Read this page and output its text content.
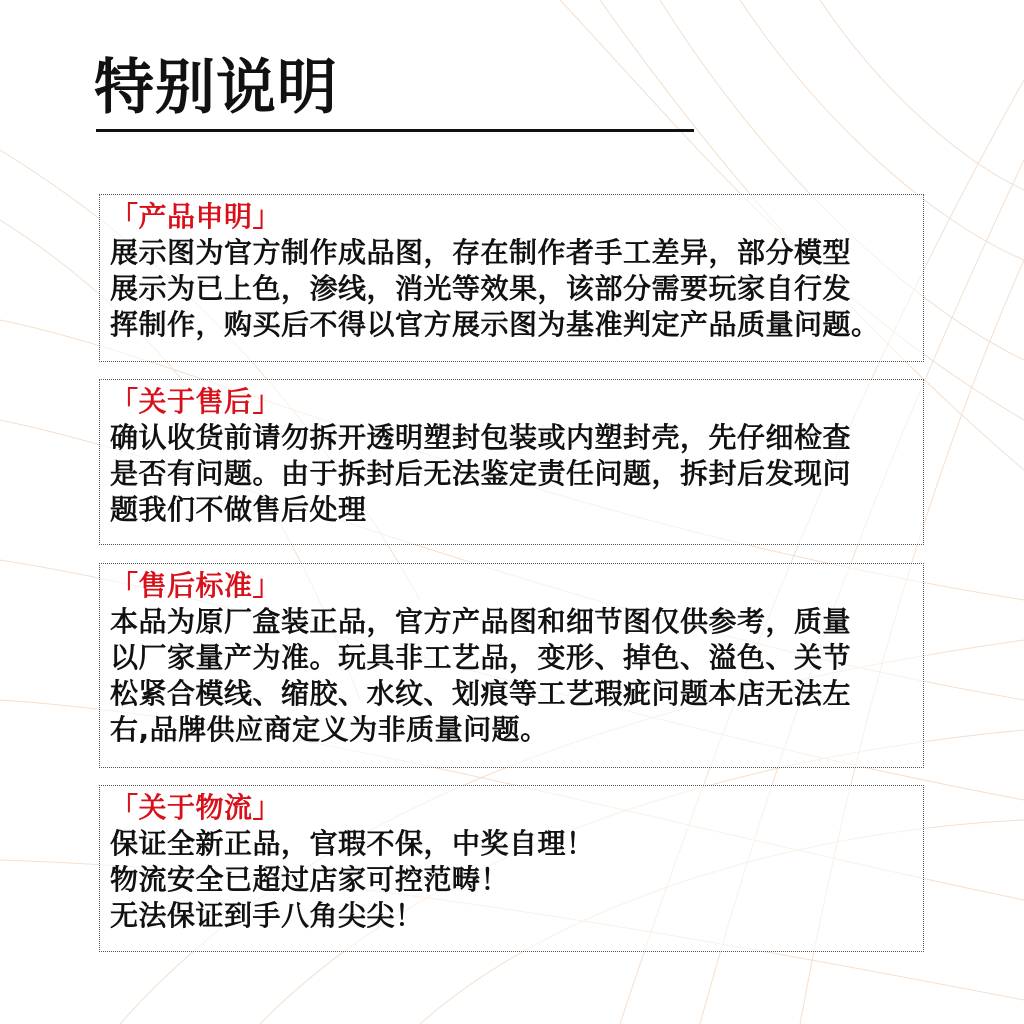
特别说明
「产品申明」
展示图为官方制作成品图，存在制作者手工差异，部分模型
展示为已上色，渗线，消光等效果，该部分需要玩家自行发
挥制作，购买后不得以官方展示图为基准判定产品质量问题。
「关于售后」
确认收货前请勿拆开透明塑封包装或内塑封壳，先仔细检查
是否有问题。由于拆封后无法鉴定责任问题，拆封后发现问
题我们不做售后处理
「售后标准」
本品为原厂盒装正品，官方产品图和细节图仅供参考，质量
以厂家量产为准。玩具非工艺品，变形、掉色、溢色、关节
松紧合模线、缩胶、水纹、划痕等工艺瑕疵问题本店无法左
右,品牌供应商定义为非质量问题。
「关于物流」
保证全新正品，官瑕不保，中奖自理！
物流安全已超过店家可控范畴！
无法保证到手八角尖尖！
